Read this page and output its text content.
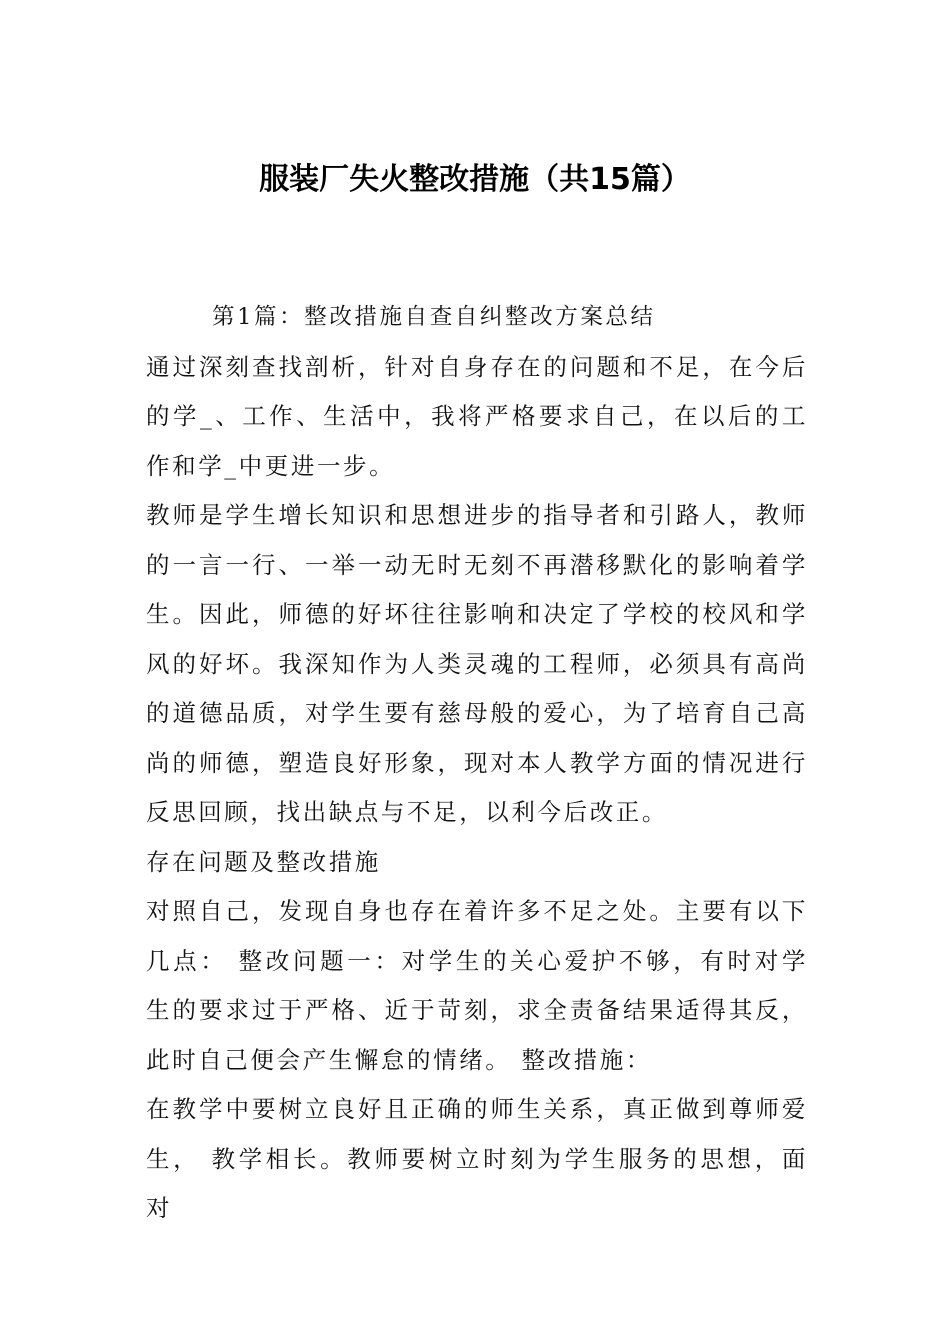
服装厂失火整改措施（共15篇）

第1篇：整改措施自查自纠整改方案总结

通过深刻查找剖析，针对自身存在的问题和不足，在今后的学_、工作、生活中，我将严格要求自己，在以后的工作和学_中更进一步。

教师是学生增长知识和思想进步的指导者和引路人，教师的一言一行、一举一动无时无刻不再潜移默化的影响着学生。因此，师德的好坏往往影响和决定了学校的校风和学风的好坏。我深知作为人类灵魂的工程师，必须具有高尚的道德品质，对学生要有慈母般的爱心，为了培育自己高尚的师德，塑造良好形象，现对本人教学方面的情况进行反思回顾，找出缺点与不足，以利今后改正。

存在问题及整改措施

对照自己，发现自身也存在着许多不足之处。主要有以下几点： 整改问题一：对学生的关心爱护不够，有时对学生的要求过于严格、近于苛刻，求全责备结果适得其反，此时自己便会产生懈怠的情绪。 整改措施：

在教学中要树立良好且正确的师生关系，真正做到尊师爱生， 教学相长。教师要树立时刻为学生服务的思想，面对
